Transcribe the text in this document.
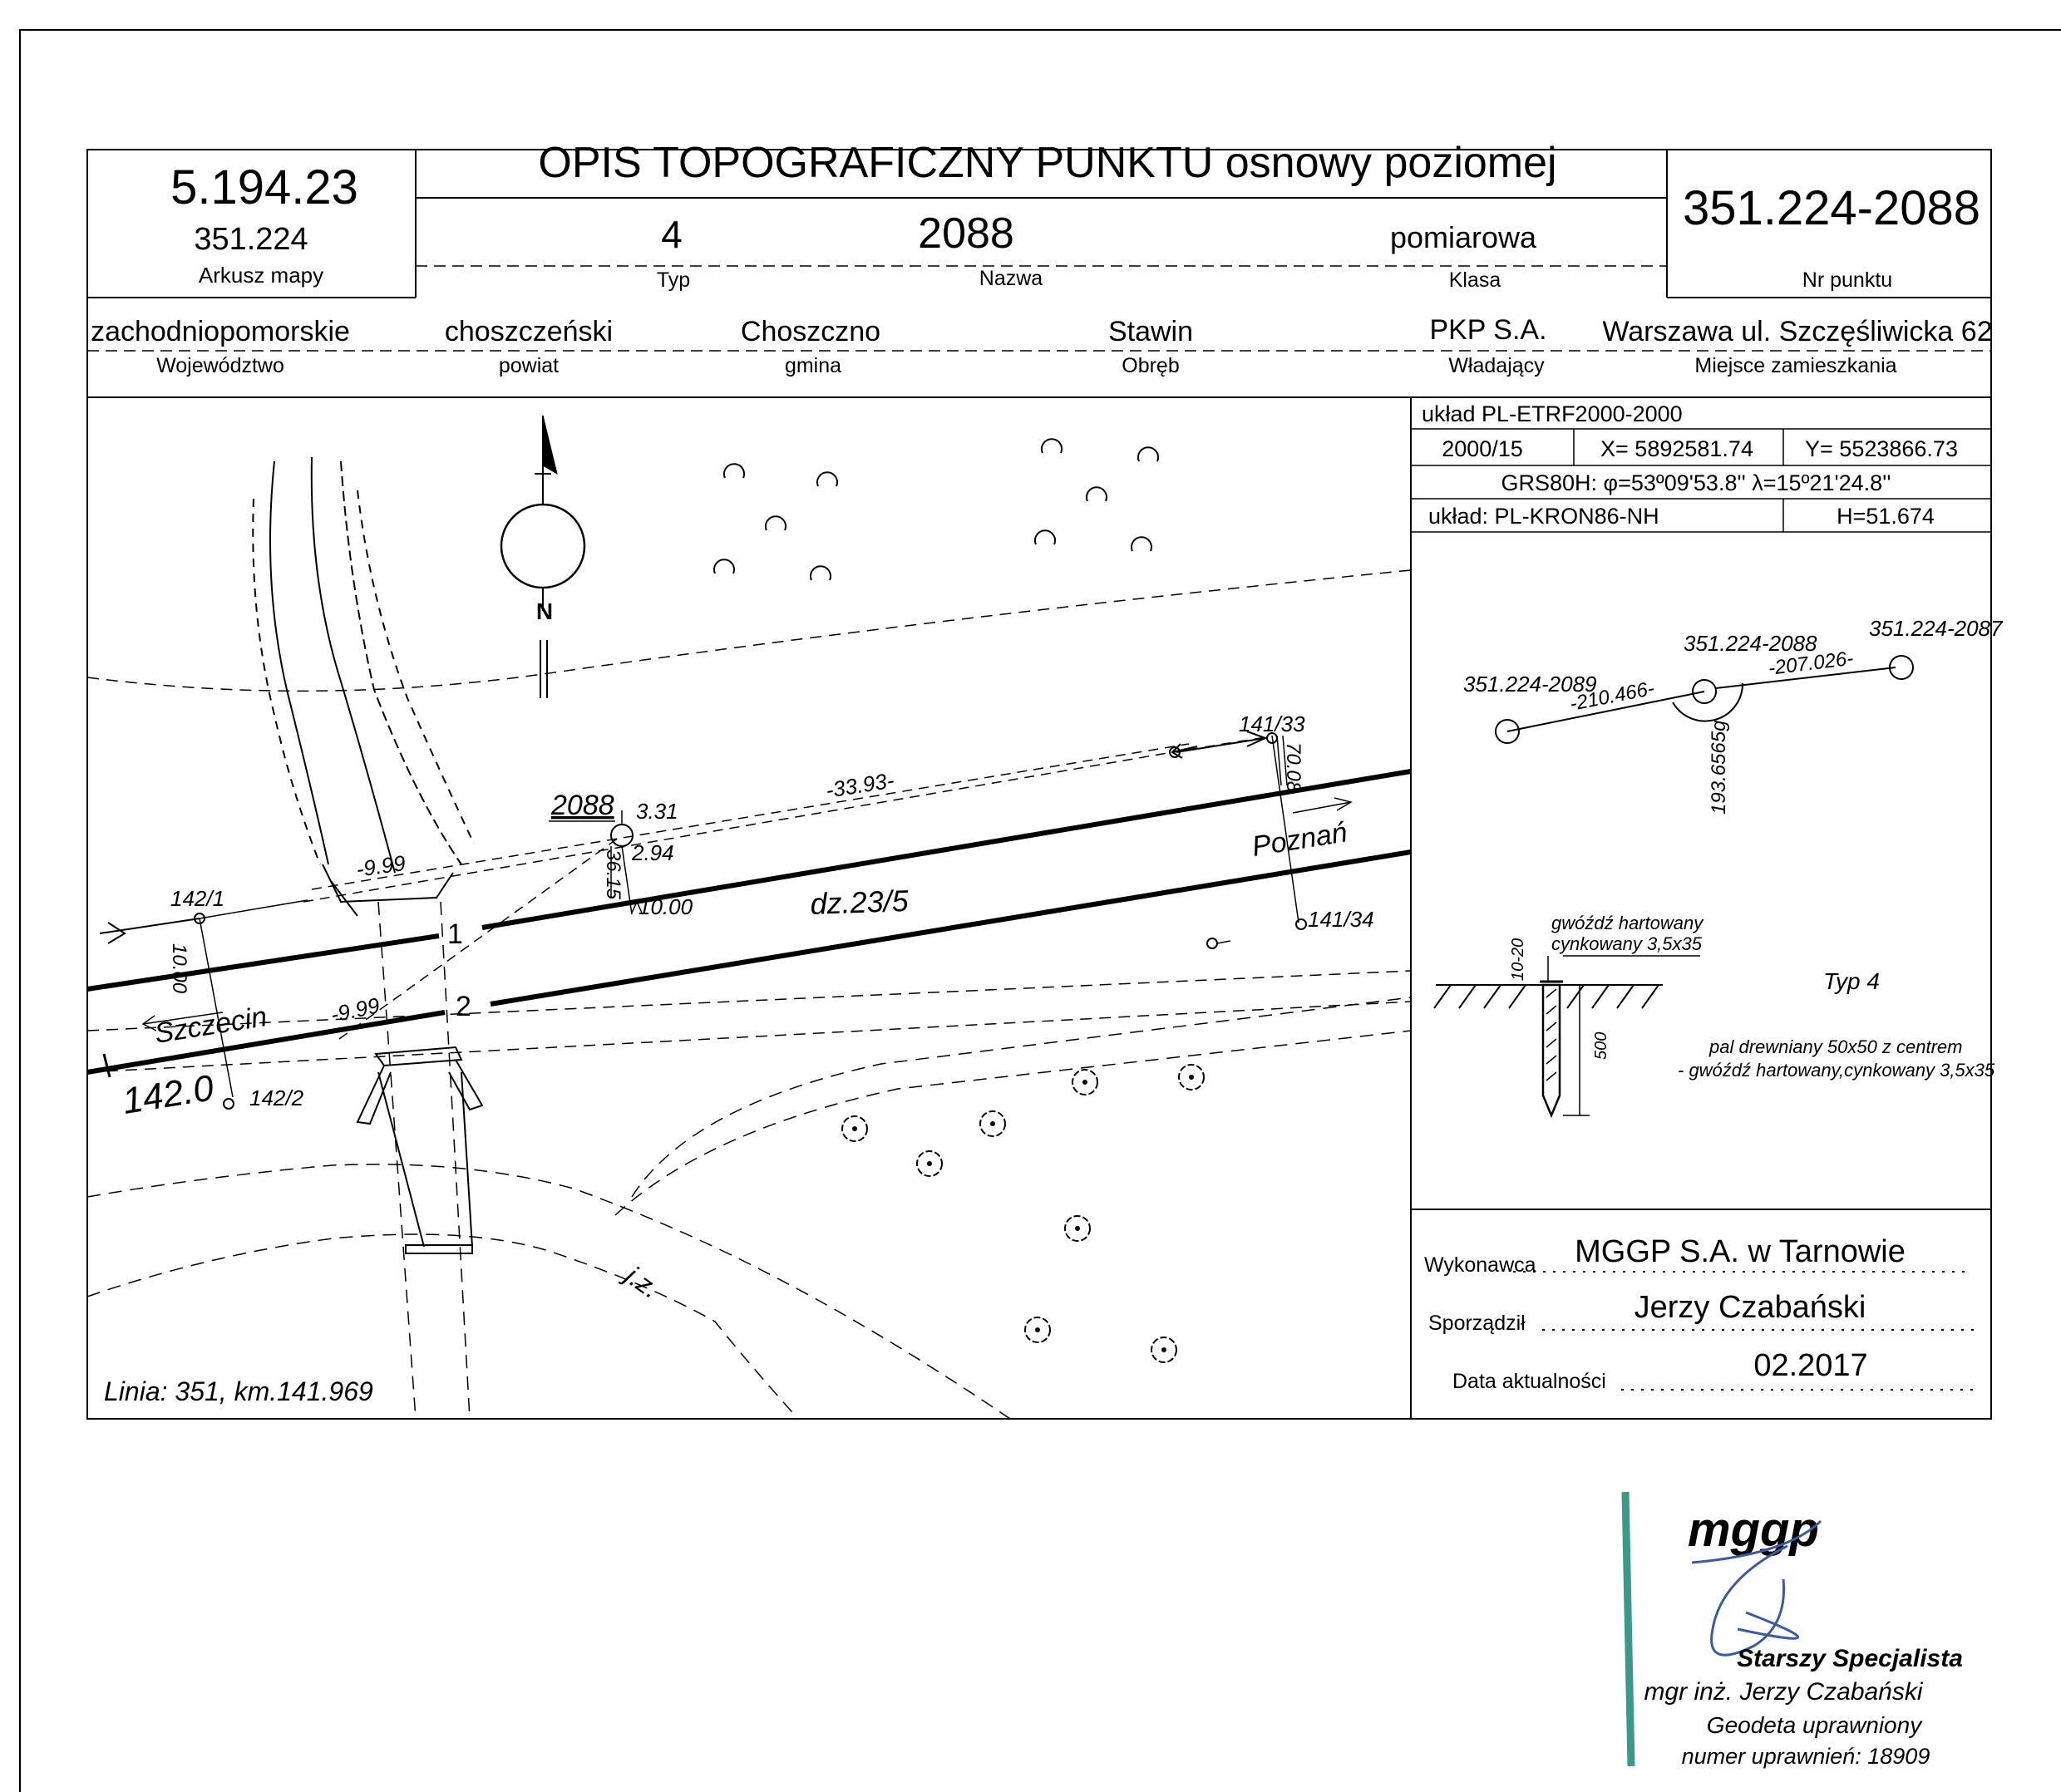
OPIS TOPOGRAFICZNY PUNKTU osnowy poziomej
5.194.23
351.224
Arkusz mapy
4
Typ
2088
Nazwa
pomiarowa
Klasa
351.224-2088
Nr punktu
zachodniopomorskie
Województwo
choszczeński
powiat
Choszczno
gmina
Stawin
Obręb
PKP S.A.
Władający
Warszawa ul. Szczęśliwicka 62
Miejsce zamieszkania
układ PL-ETRF2000-2000
2000/15	X= 5892581.74 Y= 5523866.73
GRS80H: φ=53º09'53.8'' λ=15º21'24.8''
układ: PL-KRON86-NH	H=51.674
N
2088 3.31
2.94
36.15
10.00
-33.93-
-9.99
-9.99
10.00
70.08
142/1
142/2
141/33
141/34
1
2
dz.23/5
Szczecin
Poznań
142.0
j.z.
Linia: 351, km.141.969
351.224-2089
351.224-2088
351.224-2087
-210.466-
-207.026-
193.6565g
gwóźdź hartowany
cynkowany 3,5x35
10-20
500
Typ 4
pal drewniany 50x50 z centrem
- gwóźdź hartowany,cynkowany 3,5x35
Wykonawca MGGP S.A. w Tarnowie
Sporządził	Jerzy Czabański
Data aktualności	02.2017
mggp
Starszy Specjalista
mgr inż. Jerzy Czabański
Geodeta uprawniony
numer uprawnień: 18909
